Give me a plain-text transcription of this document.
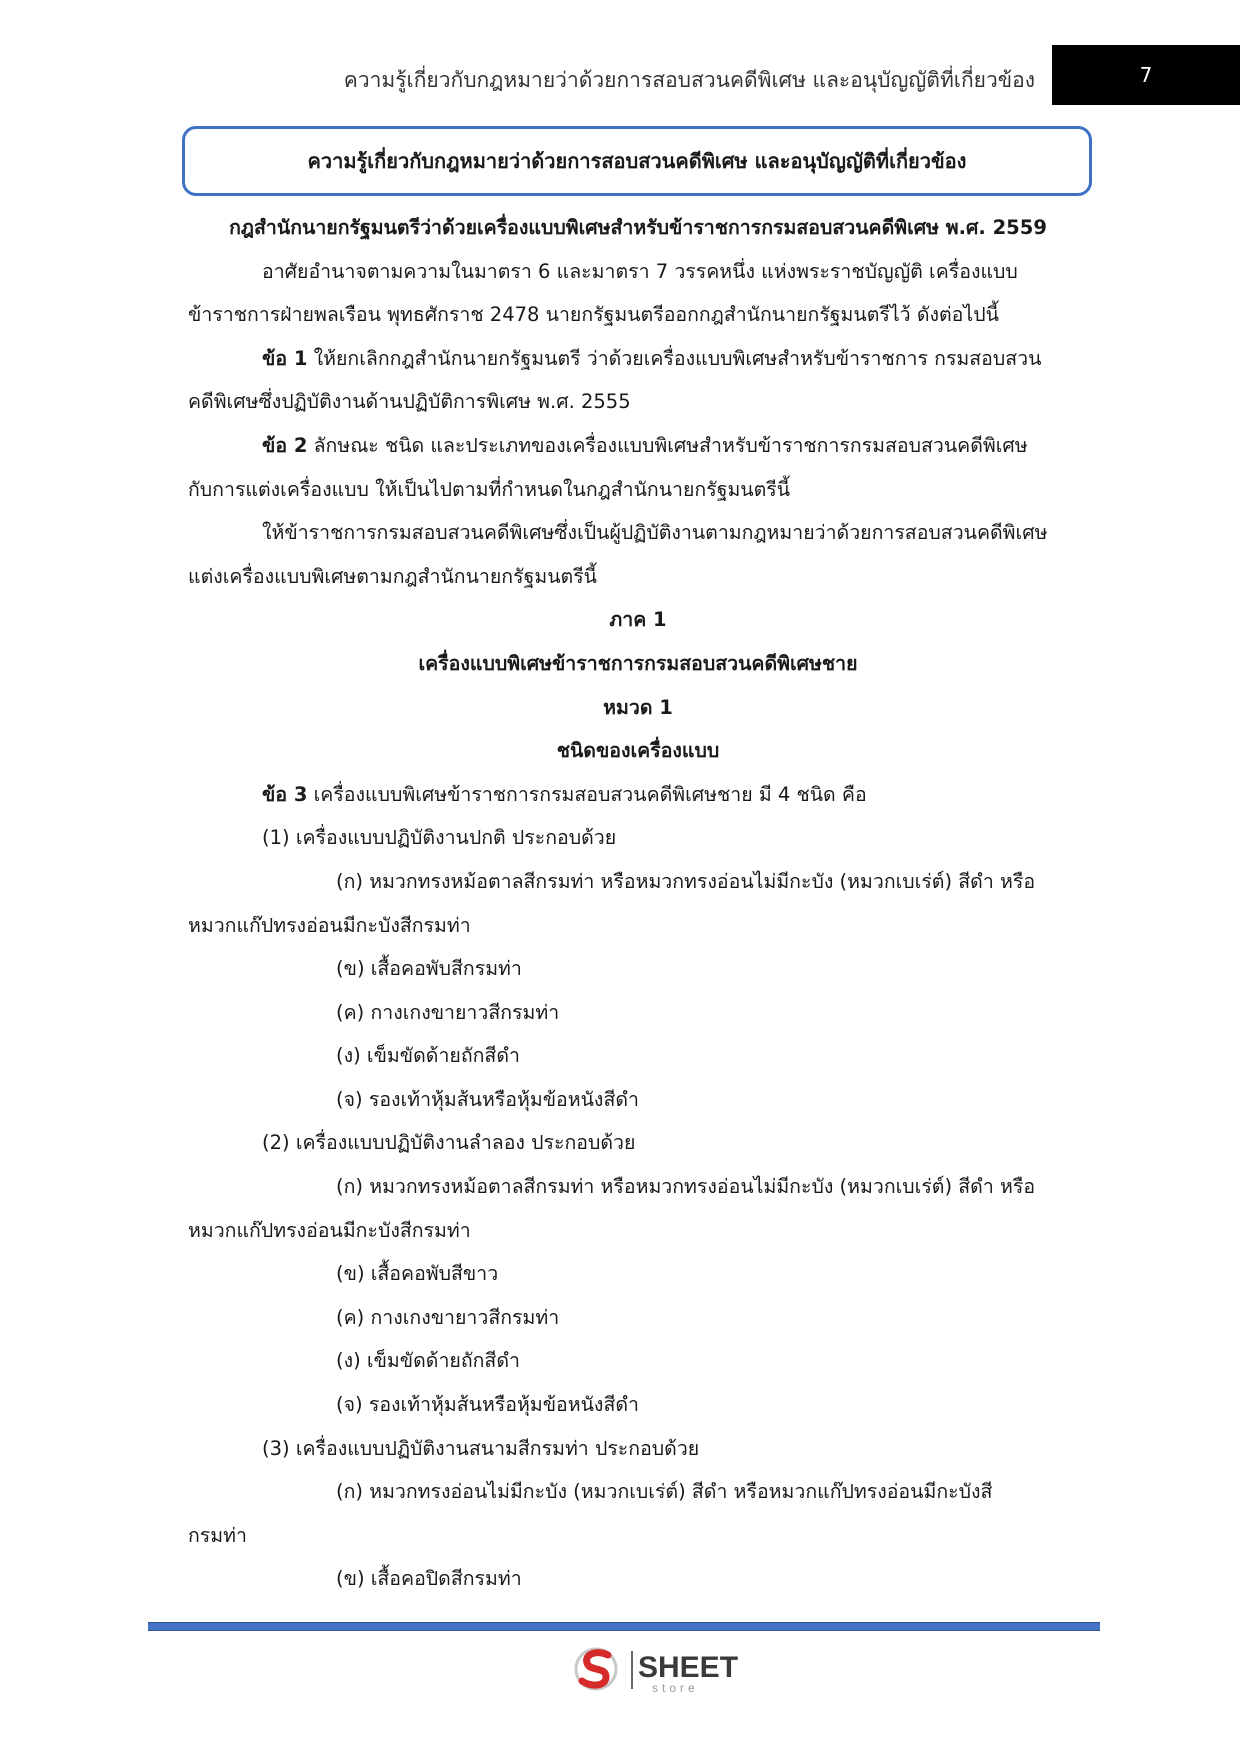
ความรู้เกี่ยวกับกฎหมายว่าด้วยการสอบสวนคดีพิเศษ และอนุบัญญัติที่เกี่ยวข้อง	7
ความรู้เกี่ยวกับกฎหมายว่าด้วยการสอบสวนคดีพิเศษ และอนุบัญญัติที่เกี่ยวข้อง
กฎสำนักนายกรัฐมนตรีว่าด้วยเครื่องแบบพิเศษสำหรับข้าราชการกรมสอบสวนคดีพิเศษ พ.ศ. 2559
อาศัยอำนาจตามความในมาตรา 6 และมาตรา 7 วรรคหนึ่ง แห่งพระราชบัญญัติ เครื่องแบบ
ข้าราชการฝ่ายพลเรือน พุทธศักราช 2478 นายกรัฐมนตรีออกกฎสำนักนายกรัฐมนตรีไว้ ดังต่อไปนี้
ข้อ 1 ให้ยกเลิกกฎสำนักนายกรัฐมนตรี ว่าด้วยเครื่องแบบพิเศษสำหรับข้าราชการ กรมสอบสวน
คดีพิเศษซึ่งปฏิบัติงานด้านปฏิบัติการพิเศษ พ.ศ. 2555
ข้อ 2 ลักษณะ ชนิด และประเภทของเครื่องแบบพิเศษสำหรับข้าราชการกรมสอบสวนคดีพิเศษ
กับการแต่งเครื่องแบบ ให้เป็นไปตามที่กำหนดในกฎสำนักนายกรัฐมนตรีนี้
ให้ข้าราชการกรมสอบสวนคดีพิเศษซึ่งเป็นผู้ปฏิบัติงานตามกฎหมายว่าด้วยการสอบสวนคดีพิเศษ
แต่งเครื่องแบบพิเศษตามกฎสำนักนายกรัฐมนตรีนี้
ภาค 1
เครื่องแบบพิเศษข้าราชการกรมสอบสวนคดีพิเศษชาย
หมวด 1
ชนิดของเครื่องแบบ
ข้อ 3 เครื่องแบบพิเศษข้าราชการกรมสอบสวนคดีพิเศษชาย มี 4 ชนิด คือ
(1) เครื่องแบบปฏิบัติงานปกติ ประกอบด้วย
(ก) หมวกทรงหม้อตาลสีกรมท่า หรือหมวกทรงอ่อนไม่มีกะบัง (หมวกเบเร่ต์) สีดำ หรือ
หมวกแก๊ปทรงอ่อนมีกะบังสีกรมท่า
(ข) เสื้อคอพับสีกรมท่า
(ค) กางเกงขายาวสีกรมท่า
(ง) เข็มขัดด้ายถักสีดำ
(จ) รองเท้าหุ้มส้นหรือหุ้มข้อหนังสีดำ
(2) เครื่องแบบปฏิบัติงานลำลอง ประกอบด้วย
(ก) หมวกทรงหม้อตาลสีกรมท่า หรือหมวกทรงอ่อนไม่มีกะบัง (หมวกเบเร่ต์) สีดำ หรือ
หมวกแก๊ปทรงอ่อนมีกะบังสีกรมท่า
(ข) เสื้อคอพับสีขาว
(ค) กางเกงขายาวสีกรมท่า
(ง) เข็มขัดด้ายถักสีดำ
(จ) รองเท้าหุ้มส้นหรือหุ้มข้อหนังสีดำ
(3) เครื่องแบบปฏิบัติงานสนามสีกรมท่า ประกอบด้วย
(ก) หมวกทรงอ่อนไม่มีกะบัง (หมวกเบเร่ต์) สีดำ หรือหมวกแก๊ปทรงอ่อนมีกะบังสี
กรมท่า
(ข) เสื้อคอปิดสีกรมท่า
SHEET
store
